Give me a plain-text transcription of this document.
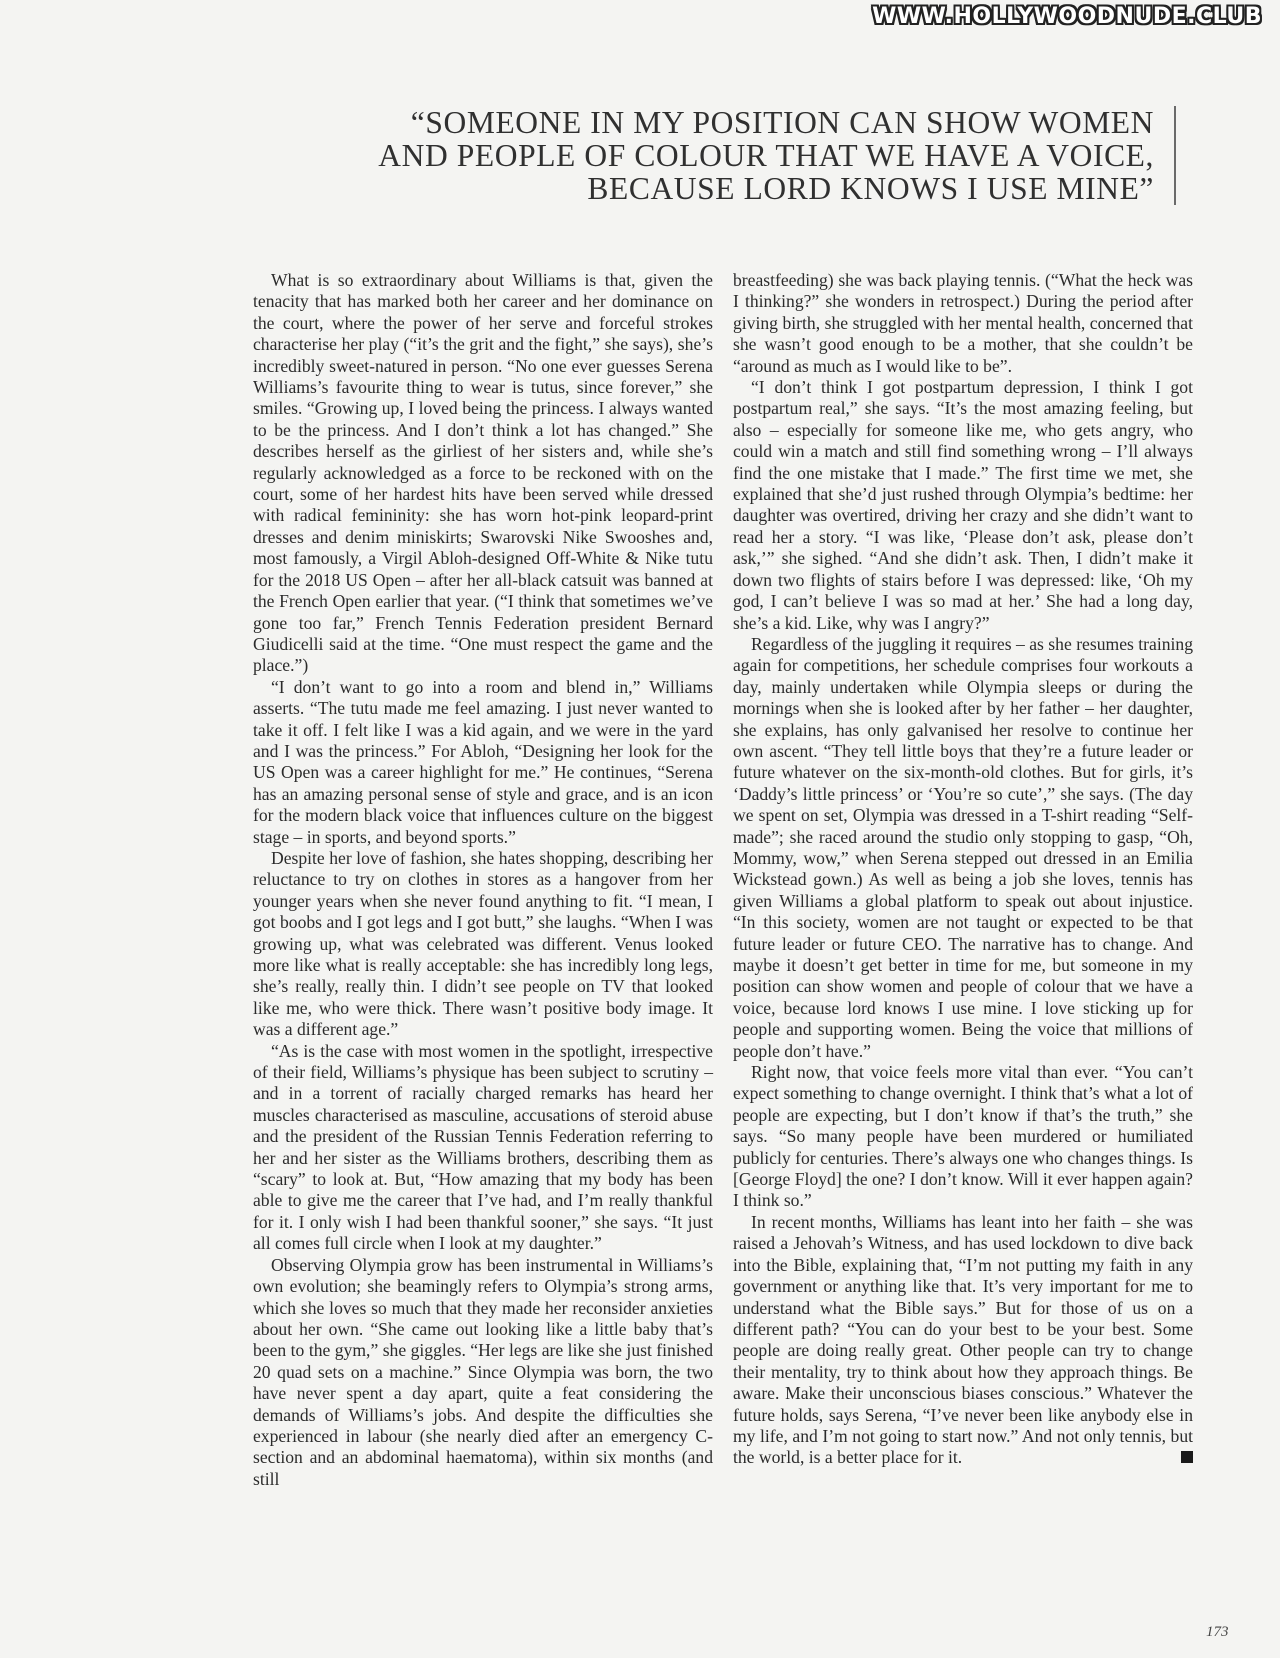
WWW.HOLLYWOODNUDE.CLUB
“SOMEONE IN MY POSITION CAN SHOW WOMEN AND PEOPLE OF COLOUR THAT WE HAVE A VOICE, BECAUSE LORD KNOWS I USE MINE”

What is so extraordinary about Williams is that, given the tenacity that has marked both her career and her dominance on the court, where the power of her serve and forceful strokes characterise her play (“it’s the grit and the fight,” she says), she’s incredibly sweet-natured in person. “No one ever guesses Serena Williams’s favourite thing to wear is tutus, since forever,” she smiles. “Growing up, I loved being the princess. I always wanted to be the princess. And I don’t think a lot has changed.” She describes herself as the girliest of her sisters and, while she’s regularly acknowledged as a force to be reckoned with on the court, some of her hardest hits have been served while dressed with radical femininity: she has worn hot-pink leopard-print dresses and denim miniskirts; Swarovski Nike Swooshes and, most famously, a Virgil Abloh-designed Off-White & Nike tutu for the 2018 US Open – after her all-black catsuit was banned at the French Open earlier that year. (“I think that sometimes we’ve gone too far,” French Tennis Federation president Bernard Giudicelli said at the time. “One must respect the game and the place.”)

“I don’t want to go into a room and blend in,” Williams asserts. “The tutu made me feel amazing. I just never wanted to take it off. I felt like I was a kid again, and we were in the yard and I was the princess.” For Abloh, “Designing her look for the US Open was a career highlight for me.” He continues, “Serena has an amazing personal sense of style and grace, and is an icon for the modern black voice that influences culture on the biggest stage – in sports, and beyond sports.”

Despite her love of fashion, she hates shopping, describing her reluctance to try on clothes in stores as a hangover from her younger years when she never found anything to fit. “I mean, I got boobs and I got legs and I got butt,” she laughs. “When I was growing up, what was celebrated was different. Venus looked more like what is really acceptable: she has incredibly long legs, she’s really, really thin. I didn’t see people on TV that looked like me, who were thick. There wasn’t positive body image. It was a different age.”

“As is the case with most women in the spotlight, irrespective of their field, Williams’s physique has been subject to scrutiny – and in a torrent of racially charged remarks has heard her muscles characterised as masculine, accusations of steroid abuse and the president of the Russian Tennis Federation referring to her and her sister as the Williams brothers, describing them as “scary” to look at. But, “How amazing that my body has been able to give me the career that I’ve had, and I’m really thankful for it. I only wish I had been thankful sooner,” she says. “It just all comes full circle when I look at my daughter.”

Observing Olympia grow has been instrumental in Williams’s own evolution; she beamingly refers to Olympia’s strong arms, which she loves so much that they made her reconsider anxieties about her own. “She came out looking like a little baby that’s been to the gym,” she giggles. “Her legs are like she just finished 20 quad sets on a machine.” Since Olympia was born, the two have never spent a day apart, quite a feat considering the demands of Williams’s jobs. And despite the difficulties she experienced in labour (she nearly died after an emergency C-section and an abdominal haematoma), within six months (and still

breastfeeding) she was back playing tennis. (“What the heck was I thinking?” she wonders in retrospect.) During the period after giving birth, she struggled with her mental health, concerned that she wasn’t good enough to be a mother, that she couldn’t be “around as much as I would like to be”.

“I don’t think I got postpartum depression, I think I got postpartum real,” she says. “It’s the most amazing feeling, but also – especially for someone like me, who gets angry, who could win a match and still find something wrong – I’ll always find the one mistake that I made.” The first time we met, she explained that she’d just rushed through Olympia’s bedtime: her daughter was overtired, driving her crazy and she didn’t want to read her a story. “I was like, ‘Please don’t ask, please don’t ask,’” she sighed. “And she didn’t ask. Then, I didn’t make it down two flights of stairs before I was depressed: like, ‘Oh my god, I can’t believe I was so mad at her.’ She had a long day, she’s a kid. Like, why was I angry?”

Regardless of the juggling it requires – as she resumes training again for competitions, her schedule comprises four workouts a day, mainly undertaken while Olympia sleeps or during the mornings when she is looked after by her father – her daughter, she explains, has only galvanised her resolve to continue her own ascent. “They tell little boys that they’re a future leader or future whatever on the six-month-old clothes. But for girls, it’s ‘Daddy’s little princess’ or ‘You’re so cute’,” she says. (The day we spent on set, Olympia was dressed in a T-shirt reading “Self-made”; she raced around the studio only stopping to gasp, “Oh, Mommy, wow,” when Serena stepped out dressed in an Emilia Wickstead gown.) As well as being a job she loves, tennis has given Williams a global platform to speak out about injustice. “In this society, women are not taught or expected to be that future leader or future CEO. The narrative has to change. And maybe it doesn’t get better in time for me, but someone in my position can show women and people of colour that we have a voice, because lord knows I use mine. I love sticking up for people and supporting women. Being the voice that millions of people don’t have.”

Right now, that voice feels more vital than ever. “You can’t expect something to change overnight. I think that’s what a lot of people are expecting, but I don’t know if that’s the truth,” she says. “So many people have been murdered or humiliated publicly for centuries. There’s always one who changes things. Is [George Floyd] the one? I don’t know. Will it ever happen again? I think so.”

In recent months, Williams has leant into her faith – she was raised a Jehovah’s Witness, and has used lockdown to dive back into the Bible, explaining that, “I’m not putting my faith in any government or anything like that. It’s very important for me to understand what the Bible says.” But for those of us on a different path? “You can do your best to be your best. Some people are doing really great. Other people can try to change their mentality, try to think about how they approach things. Be aware. Make their unconscious biases conscious.” Whatever the future holds, says Serena, “I’ve never been like anybody else in my life, and I’m not going to start now.” And not only tennis, but the world, is a better place for it.

173
